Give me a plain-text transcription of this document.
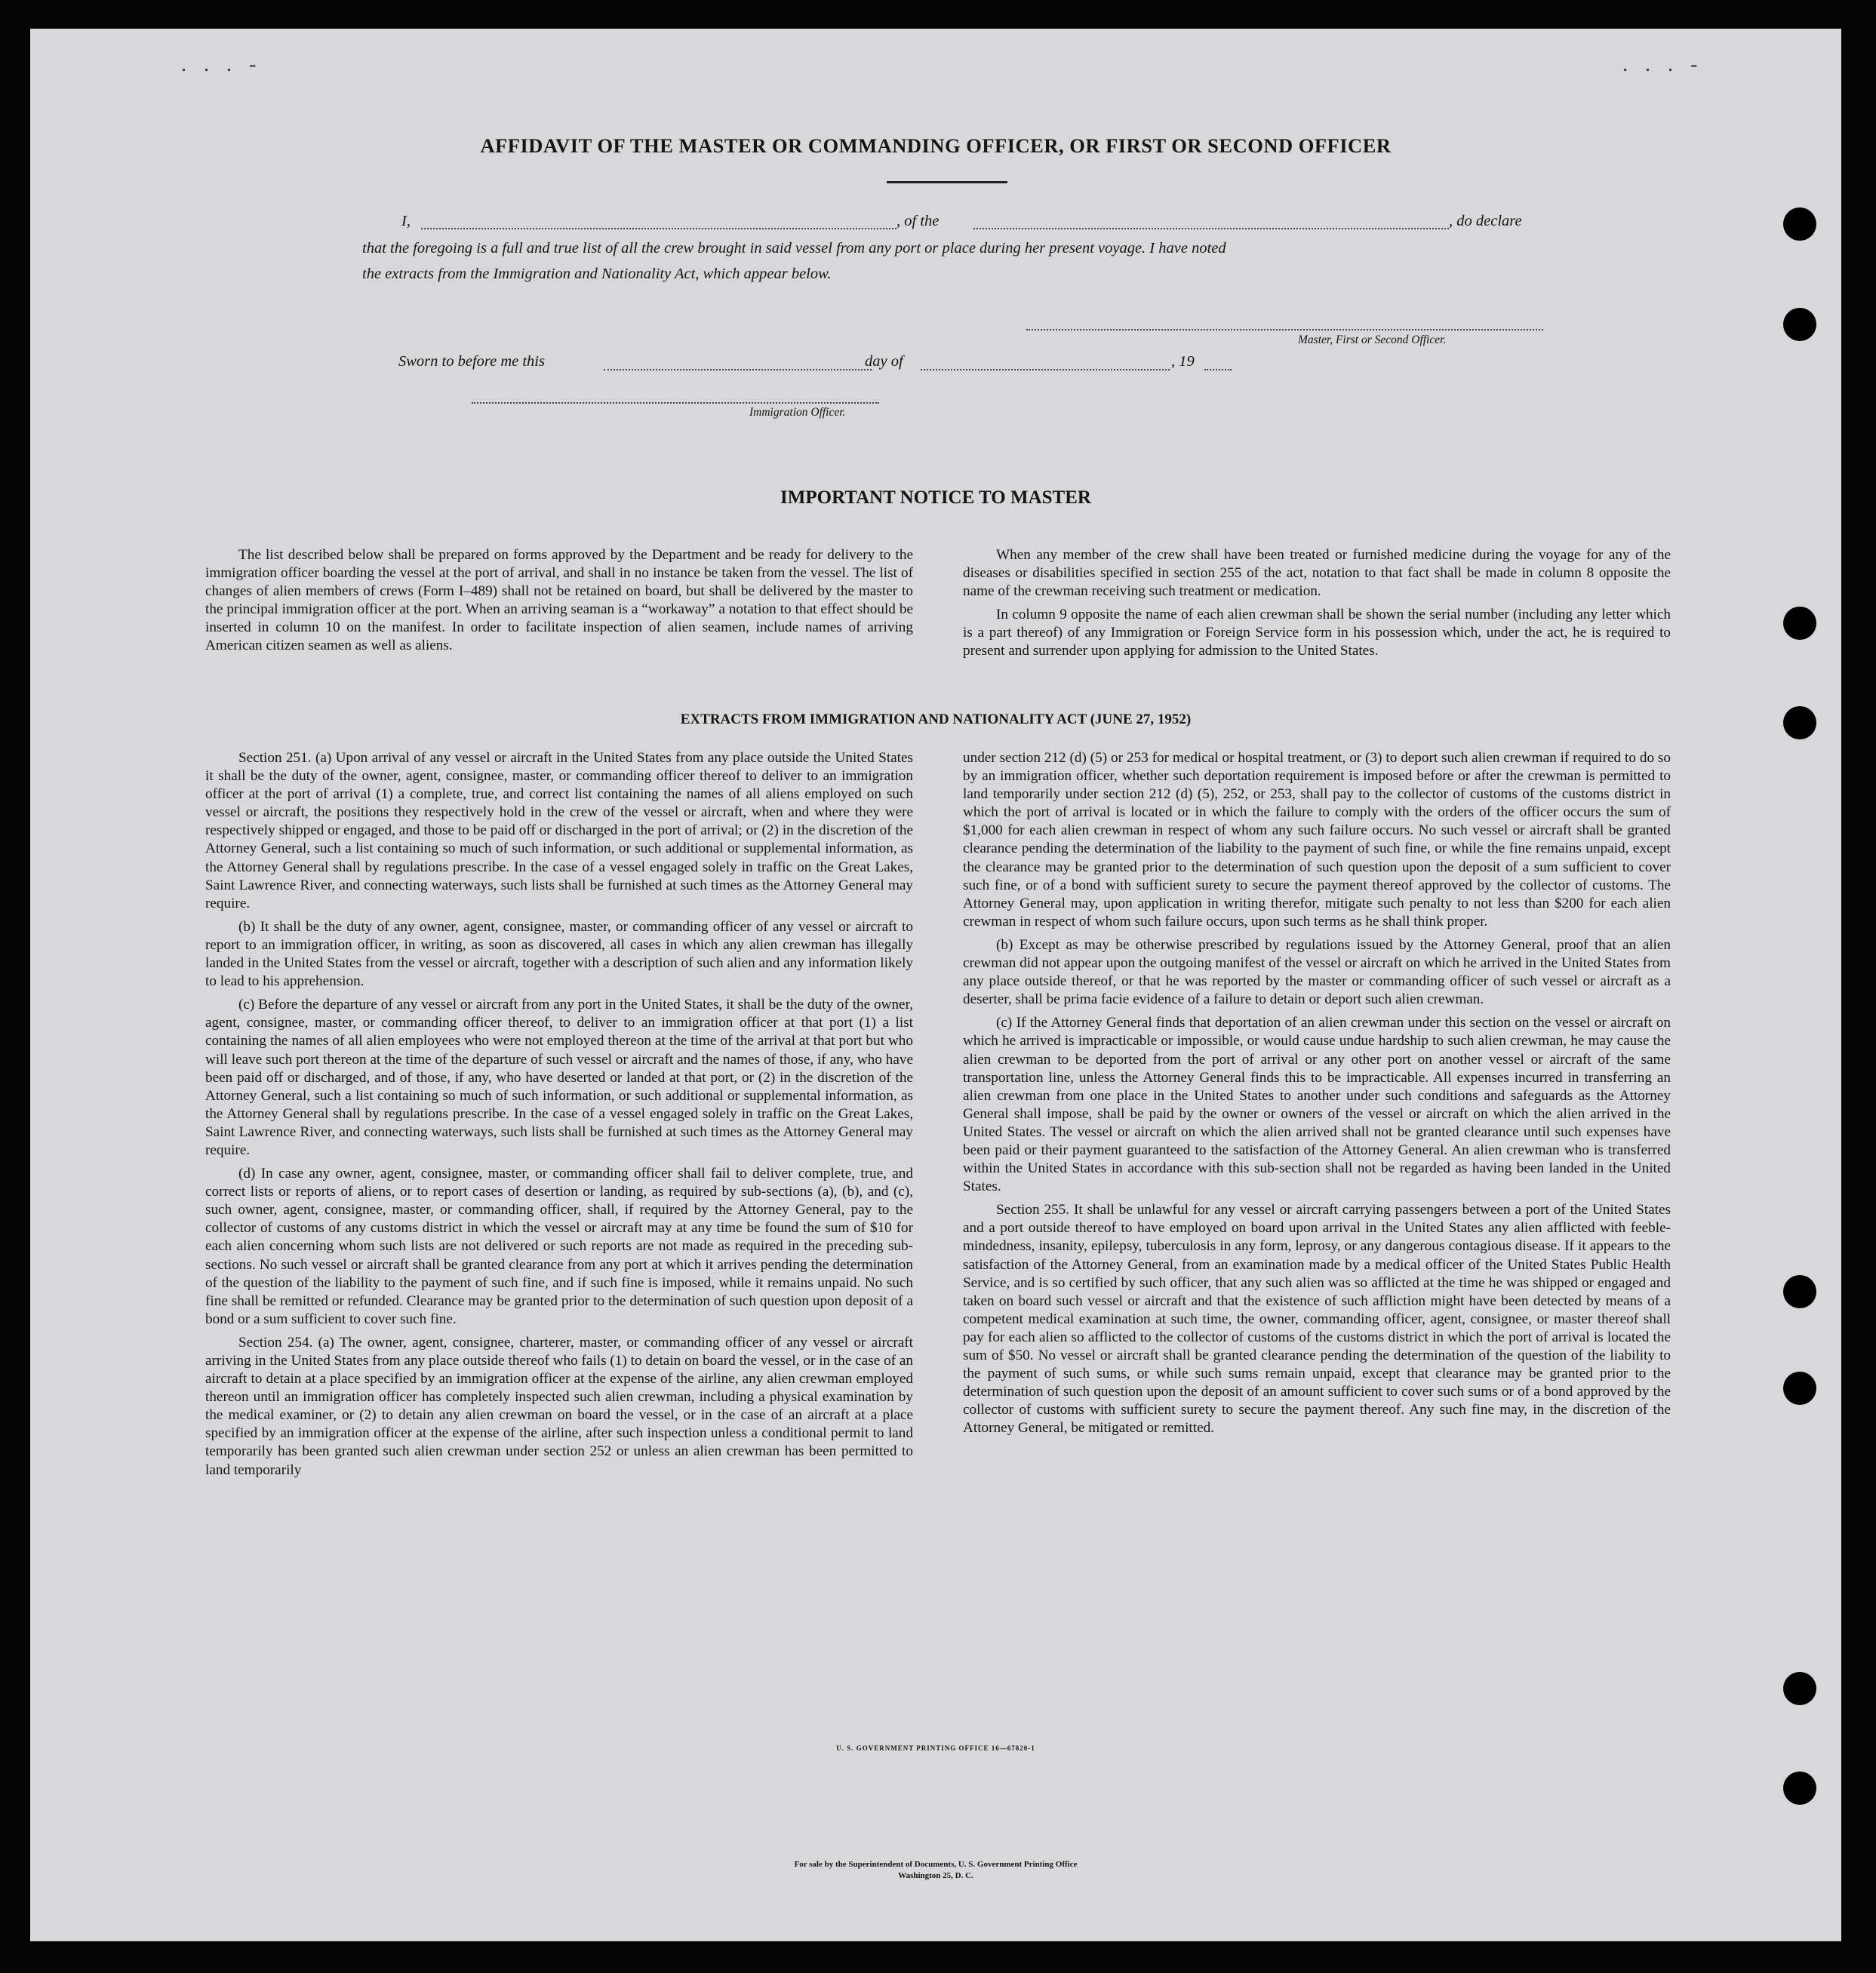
. . . -	. . . -
AFFIDAVIT OF THE MASTER OR COMMANDING OFFICER, OR FIRST OR SECOND OFFICER
I,	, of the	, do declare
that the foregoing is a full and true list of all the crew brought in said vessel from any port or place during her present voyage. I have noted
the extracts from the Immigration and Nationality Act, which appear below.
Master, First or Second Officer.
Sworn to before me this	day of	, 19
Immigration Officer.
IMPORTANT NOTICE TO MASTER

The list described below shall be prepared on forms approved by the Department and be ready for delivery to the immigration officer boarding the vessel at the port of arrival, and shall in no instance be taken from the vessel. The list of changes of alien members of crews (Form I–489) shall not be retained on board, but shall be delivered by the master to the principal immigration officer at the port. When an arriving seaman is a “workaway” a notation to that effect should be inserted in column 10 on the manifest. In order to facilitate inspection of alien seamen, include names of arriving American citizen seamen as well as aliens.

When any member of the crew shall have been treated or furnished medicine during the voyage for any of the diseases or disabilities specified in section 255 of the act, notation to that fact shall be made in column 8 opposite the name of the crewman receiving such treatment or medication.

In column 9 opposite the name of each alien crewman shall be shown the serial number (including any letter which is a part thereof) of any Immigration or Foreign Service form in his possession which, under the act, he is required to present and surrender upon applying for admission to the United States.

EXTRACTS FROM IMMIGRATION AND NATIONALITY ACT (JUNE 27, 1952)

Section 251. (a) Upon arrival of any vessel or aircraft in the United States from any place outside the United States it shall be the duty of the owner, agent, consignee, master, or commanding officer thereof to deliver to an immigration officer at the port of arrival (1) a complete, true, and correct list containing the names of all aliens employed on such vessel or aircraft, the positions they respectively hold in the crew of the vessel or aircraft, when and where they were respectively shipped or engaged, and those to be paid off or discharged in the port of arrival; or (2) in the discretion of the Attorney General, such a list containing so much of such information, or such additional or supplemental information, as the Attorney General shall by regulations prescribe. In the case of a vessel engaged solely in traffic on the Great Lakes, Saint Lawrence River, and connecting waterways, such lists shall be furnished at such times as the Attorney General may require.

(b) It shall be the duty of any owner, agent, consignee, master, or commanding officer of any vessel or aircraft to report to an immigration officer, in writing, as soon as discovered, all cases in which any alien crewman has illegally landed in the United States from the vessel or aircraft, together with a description of such alien and any information likely to lead to his apprehension.

(c) Before the departure of any vessel or aircraft from any port in the United States, it shall be the duty of the owner, agent, consignee, master, or commanding officer thereof, to deliver to an immigration officer at that port (1) a list containing the names of all alien employees who were not employed thereon at the time of the arrival at that port but who will leave such port thereon at the time of the departure of such vessel or aircraft and the names of those, if any, who have been paid off or discharged, and of those, if any, who have deserted or landed at that port, or (2) in the discretion of the Attorney General, such a list containing so much of such information, or such additional or supplemental information, as the Attorney General shall by regulations prescribe. In the case of a vessel engaged solely in traffic on the Great Lakes, Saint Lawrence River, and connecting waterways, such lists shall be furnished at such times as the Attorney General may require.

(d) In case any owner, agent, consignee, master, or commanding officer shall fail to deliver complete, true, and correct lists or reports of aliens, or to report cases of desertion or landing, as required by sub-sections (a), (b), and (c), such owner, agent, consignee, master, or commanding officer, shall, if required by the Attorney General, pay to the collector of customs of any customs district in which the vessel or aircraft may at any time be found the sum of $10 for each alien concerning whom such lists are not delivered or such reports are not made as required in the preceding subsections. No such vessel or aircraft shall be granted clearance from any port at which it arrives pending the determination of the question of the liability to the payment of such fine, and if such fine is imposed, while it remains unpaid. No such fine shall be remitted or refunded. Clearance may be granted prior to the determination of such question upon deposit of a bond or a sum sufficient to cover such fine.

Section 254. (a) The owner, agent, consignee, charterer, master, or commanding officer of any vessel or aircraft arriving in the United States from any place outside thereof who fails (1) to detain on board the vessel, or in the case of an aircraft to detain at a place specified by an immigration officer at the expense of the airline, any alien crewman employed thereon until an immigration officer has completely inspected such alien crewman, including a physical examination by the medical examiner, or (2) to detain any alien crewman on board the vessel, or in the case of an aircraft at a place specified by an immigration officer at the expense of the airline, after such inspection unless a conditional permit to land temporarily has been granted such alien crewman under section 252 or unless an alien crewman has been permitted to land temporarily

under section 212 (d) (5) or 253 for medical or hospital treatment, or (3) to deport such alien crewman if required to do so by an immigration officer, whether such deportation requirement is imposed before or after the crewman is permitted to land temporarily under section 212 (d) (5), 252, or 253, shall pay to the collector of customs of the customs district in which the port of arrival is located or in which the failure to comply with the orders of the officer occurs the sum of $1,000 for each alien crewman in respect of whom any such failure occurs. No such vessel or aircraft shall be granted clearance pending the determination of the liability to the payment of such fine, or while the fine remains unpaid, except the clearance may be granted prior to the determination of such question upon the deposit of a sum sufficient to cover such fine, or of a bond with sufficient surety to secure the payment thereof approved by the collector of customs. The Attorney General may, upon application in writing therefor, mitigate such penalty to not less than $200 for each alien crewman in respect of whom such failure occurs, upon such terms as he shall think proper.

(b) Except as may be otherwise prescribed by regulations issued by the Attorney General, proof that an alien crewman did not appear upon the outgoing manifest of the vessel or aircraft on which he arrived in the United States from any place outside thereof, or that he was reported by the master or commanding officer of such vessel or aircraft as a deserter, shall be prima facie evidence of a failure to detain or deport such alien crewman.

(c) If the Attorney General finds that deportation of an alien crewman under this section on the vessel or aircraft on which he arrived is impracticable or impossible, or would cause undue hardship to such alien crewman, he may cause the alien crewman to be deported from the port of arrival or any other port on another vessel or aircraft of the same transportation line, unless the Attorney General finds this to be impracticable. All expenses incurred in transferring an alien crewman from one place in the United States to another under such conditions and safeguards as the Attorney General shall impose, shall be paid by the owner or owners of the vessel or aircraft on which the alien arrived in the United States. The vessel or aircraft on which the alien arrived shall not be granted clearance until such expenses have been paid or their payment guaranteed to the satisfaction of the Attorney General. An alien crewman who is transferred within the United States in accordance with this sub-section shall not be regarded as having been landed in the United States.

Section 255. It shall be unlawful for any vessel or aircraft carrying passengers between a port of the United States and a port outside thereof to have employed on board upon arrival in the United States any alien afflicted with feeble-mindedness, insanity, epilepsy, tuberculosis in any form, leprosy, or any dangerous contagious disease. If it appears to the satisfaction of the Attorney General, from an examination made by a medical officer of the United States Public Health Service, and is so certified by such officer, that any such alien was so afflicted at the time he was shipped or engaged and taken on board such vessel or aircraft and that the existence of such affliction might have been detected by means of a competent medical examination at such time, the owner, commanding officer, agent, consignee, or master thereof shall pay for each alien so afflicted to the collector of customs of the customs district in which the port of arrival is located the sum of $50. No vessel or aircraft shall be granted clearance pending the determination of the question of the liability to the payment of such sums, or while such sums remain unpaid, except that clearance may be granted prior to the determination of such question upon the deposit of an amount sufficient to cover such sums or of a bond approved by the collector of customs with sufficient surety to secure the payment thereof. Any such fine may, in the discretion of the Attorney General, be mitigated or remitted.

U. S. GOVERNMENT PRINTING OFFICE 16—67820-1
For sale by the Superintendent of Documents, U. S. Government Printing Office
Washington 25, D. C.
